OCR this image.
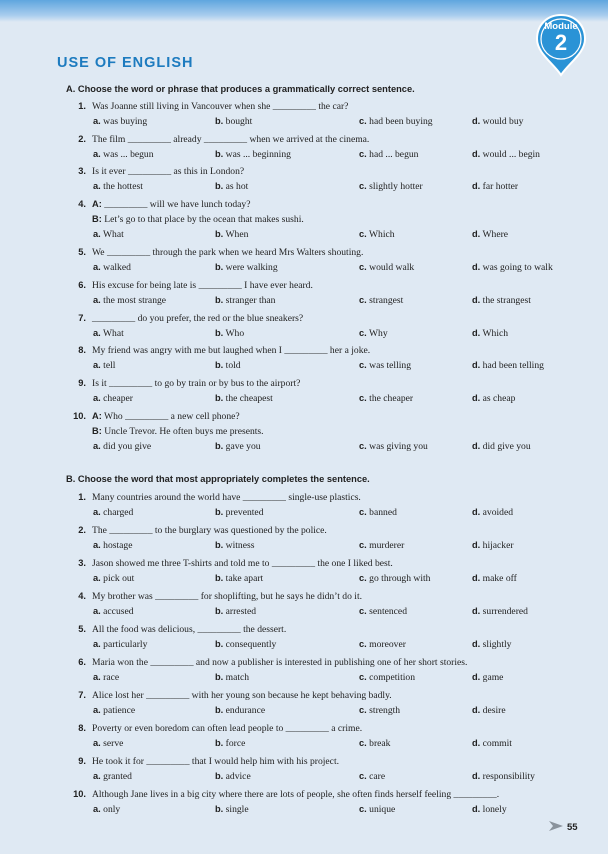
Module
2
USE OF ENGLISH
A. Choose the word or phrase that produces a grammatically correct sentence.
1. Was Joanne still living in Vancouver when she _________ the car?
a. was buying	b. bought	c. had been buying	d. would buy
2. The film _________ already _________ when we arrived at the cinema.
a. was ... begun	b. was ... beginning	c. had ... begun	d. would ... begin
3. Is it ever _________ as this in London?
a. the hottest	b. as hot	c. slightly hotter	d. far hotter
4. A: _________ will we have lunch today?
B: Let’s go to that place by the ocean that makes sushi.
a. What	b. When	c. Which	d. Where
5. We _________ through the park when we heard Mrs Walters shouting.
a. walked	b. were walking	c. would walk	d. was going to walk
6. His excuse for being late is _________ I have ever heard.
a. the most strange	b. stranger than	c. strangest	d. the strangest
7. _________ do you prefer, the red or the blue sneakers?
a. What	b. Who	c. Why	d. Which
8. My friend was angry with me but laughed when I _________ her a joke.
a. tell	b. told	c. was telling	d. had been telling
9. Is it _________ to go by train or by bus to the airport?
a. cheaper	b. the cheapest	c. the cheaper	d. as cheap
10. A: Who _________ a new cell phone?
B: Uncle Trevor. He often buys me presents.
a. did you give	b. gave you	c. was giving you	d. did give you
B. Choose the word that most appropriately completes the sentence.
1. Many countries around the world have _________ single-use plastics.
a. charged	b. prevented	c. banned	d. avoided
2. The _________ to the burglary was questioned by the police.
a. hostage	b. witness	c. murderer	d. hijacker
3. Jason showed me three T-shirts and told me to _________ the one I liked best.
a. pick out	b. take apart	c. go through with	d. make off
4. My brother was _________ for shoplifting, but he says he didn’t do it.
a. accused	b. arrested	c. sentenced	d. surrendered
5. All the food was delicious, _________ the dessert.
a. particularly	b. consequently	c. moreover	d. slightly
6. Maria won the _________ and now a publisher is interested in publishing one of her short stories.
a. race	b. match	c. competition	d. game
7. Alice lost her _________ with her young son because he kept behaving badly.
a. patience	b. endurance	c. strength	d. desire
8. Poverty or even boredom can often lead people to _________ a crime.
a. serve	b. force	c. break	d. commit
9. He took it for _________ that I would help him with his project.
a. granted	b. advice	c. care	d. responsibility
10. Although Jane lives in a big city where there are lots of people, she often finds herself feeling _________.
a. only	b. single	c. unique	d. lonely
55
